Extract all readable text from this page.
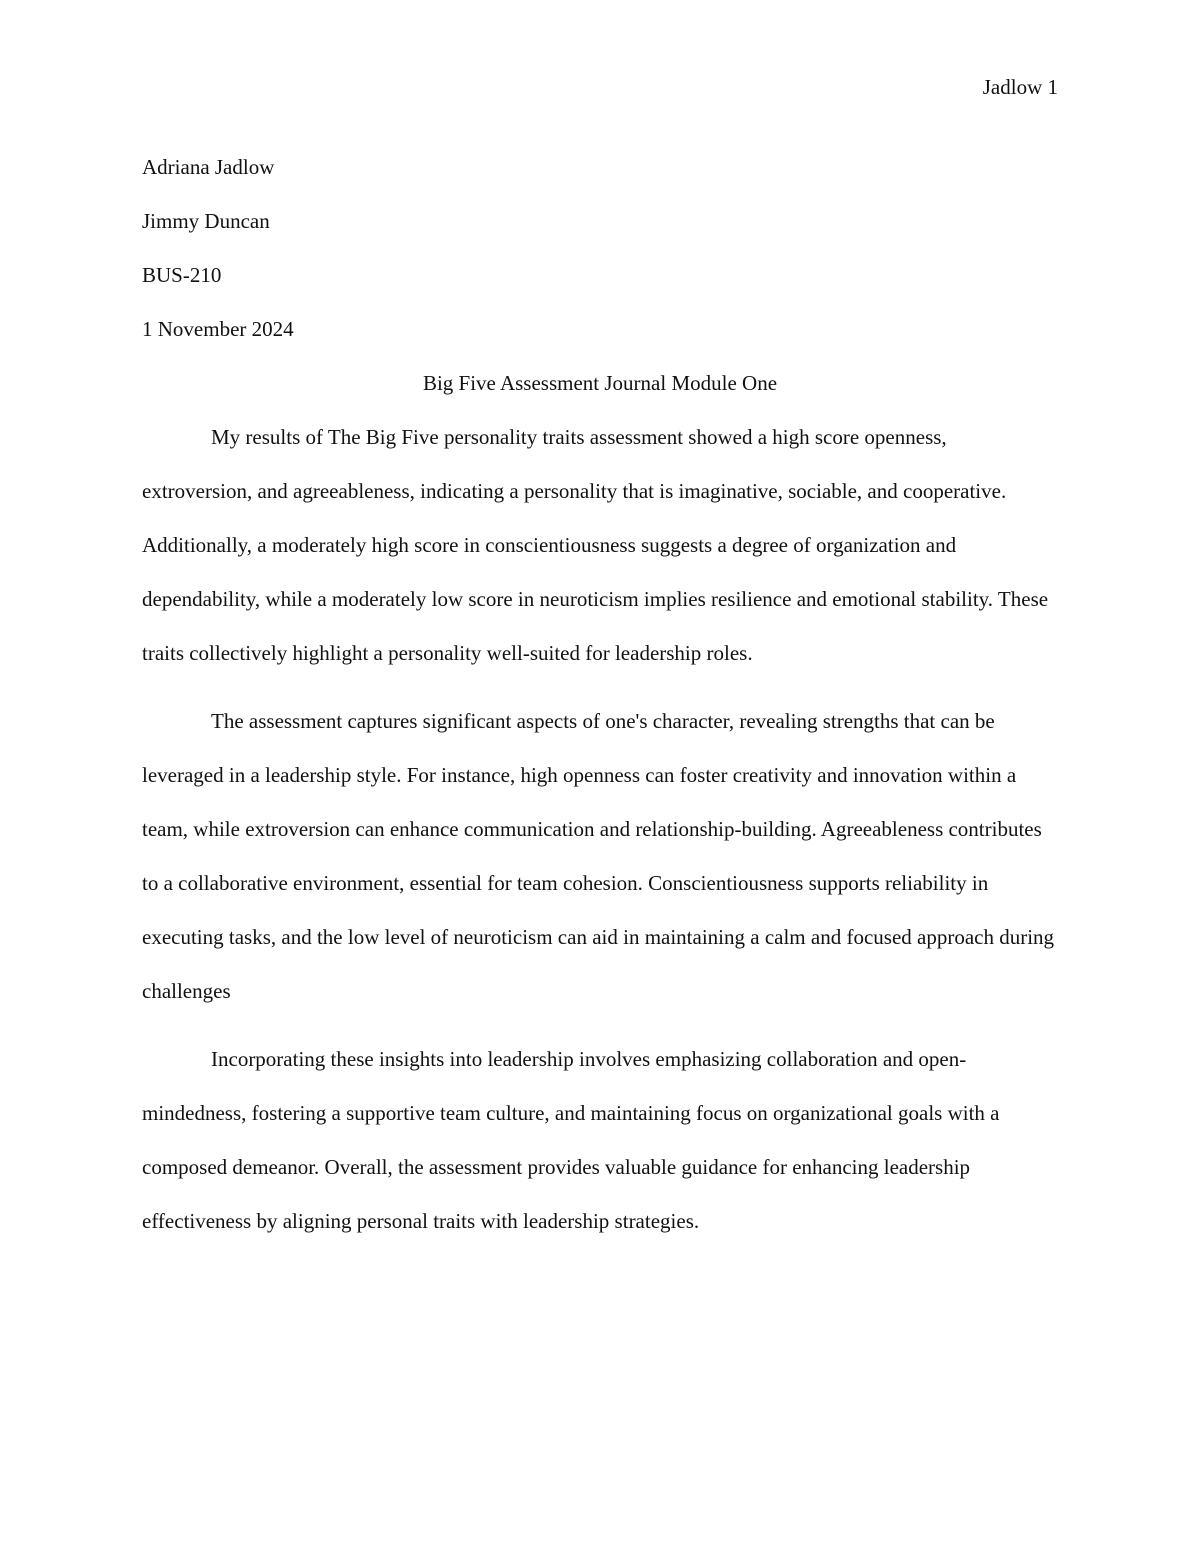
Jadlow 1

Adriana Jadlow

Jimmy Duncan

BUS-210

1 November 2024

Big Five Assessment Journal Module One

My results of The Big Five personality traits assessment showed a high score openness, extroversion, and agreeableness, indicating a personality that is imaginative, sociable, and cooperative. Additionally, a moderately high score in conscientiousness suggests a degree of organization and dependability, while a moderately low score in neuroticism implies resilience and emotional stability. These traits collectively highlight a personality well-suited for leadership roles.

The assessment captures significant aspects of one's character, revealing strengths that can be leveraged in a leadership style. For instance, high openness can foster creativity and innovation within a team, while extroversion can enhance communication and relationship-building. Agreeableness contributes to a collaborative environment, essential for team cohesion. Conscientiousness supports reliability in executing tasks, and the low level of neuroticism can aid in maintaining a calm and focused approach during challenges

Incorporating these insights into leadership involves emphasizing collaboration and open-mindedness, fostering a supportive team culture, and maintaining focus on organizational goals with a composed demeanor. Overall, the assessment provides valuable guidance for enhancing leadership effectiveness by aligning personal traits with leadership strategies.
